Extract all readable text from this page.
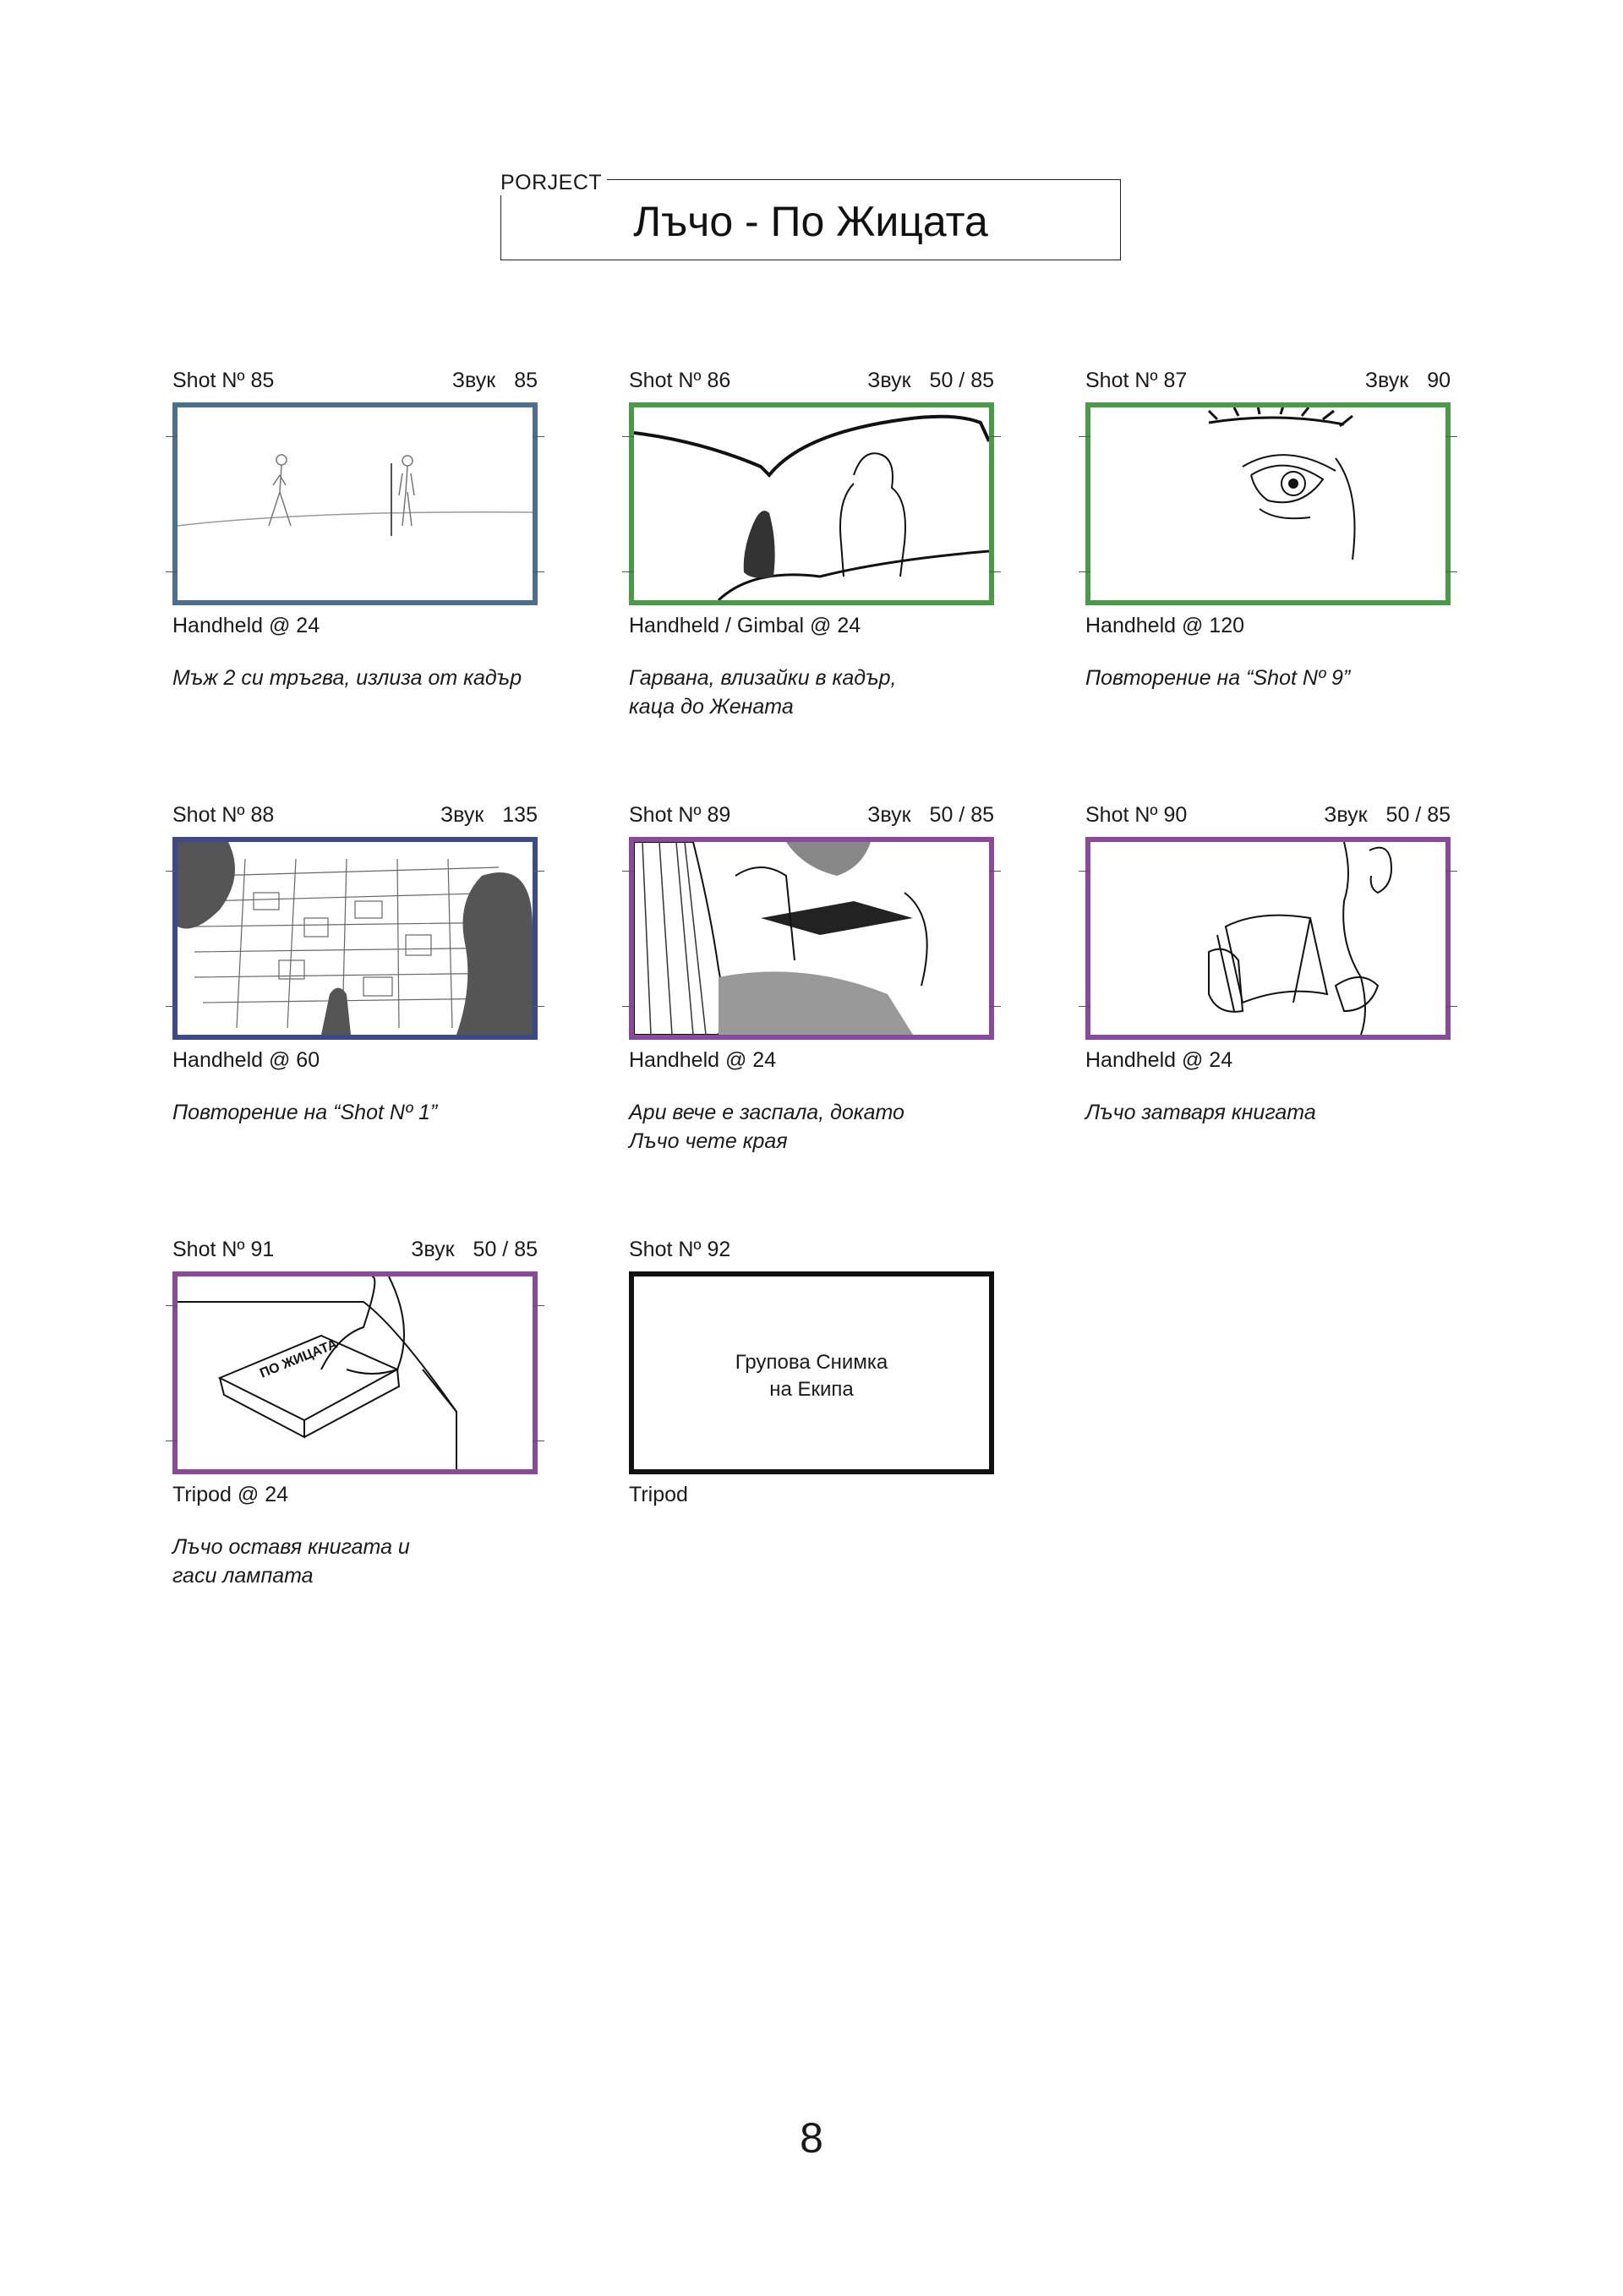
Лъчо - По Жицата
PORJECT
Shot Nº 85	Звук 85
Handheld @ 24
Мъж 2 си тръгва, излиза от кадър
Shot Nº 86	Звук 50 / 85
Handheld / Gimbal @ 24
Гарвана, влизайки в кадър,
каца до Жената
Shot Nº 87	Звук 90
Handheld @ 120
Повторение на “Shot Nº 9”
Shot Nº 88	Звук 135
Handheld @ 60
Повторение на “Shot Nº 1”
Shot Nº 89	Звук 50 / 85
Handheld @ 24
Ари вече е заспала, докато
Лъчо чете края
Shot Nº 90	Звук 50 / 85
Handheld @ 24
Лъчо затваря книгата
Shot Nº 91	Звук 50 / 85
ПО ЖИЦАТА
Tripod @ 24
Лъчо оставя книгата и
гаси лампата
Shot Nº 92
Групова Снимка
на Екипа
Tripod
8
